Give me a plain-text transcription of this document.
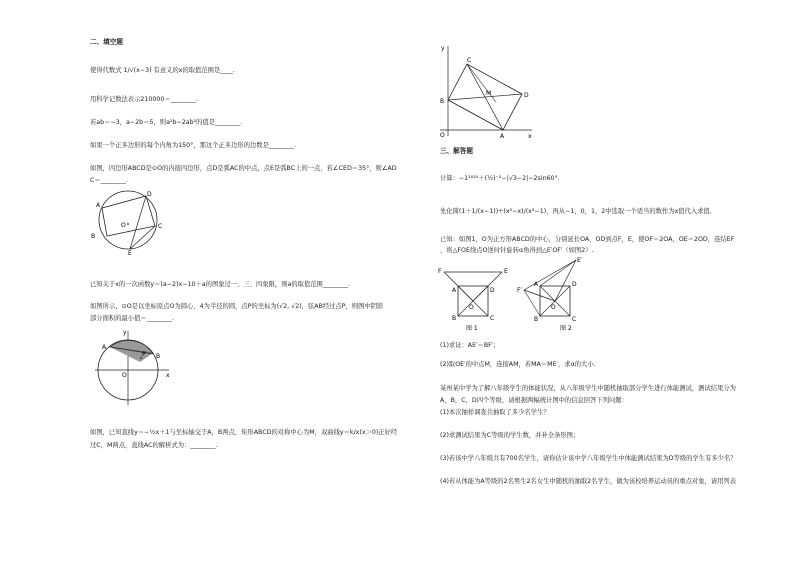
二、填空题
使得代数式 1/√(x−3) 有意义的x的取值范围是____.
用科学记数法表示210000＝________.
若ab＝−3，a−2b＝5，则a²b−2ab²的值是________.
如果一个正多边形的每个内角为150°，那这个正多边形的边数是________.
如图，四边形ABCD是⊙O的内接四边形，点D是弧AC的中点，点E是弧BC上的一点，若∠CED＝35°，则∠AD
C＝________.
D
A
O	C
B
E
已知关于x的一次函数y＝(a−2)x−10＋a的图象过一、三、四象限，则a的取值范围________.
如图所示，⊙O是以坐标原点O为圆心，4为半径的圆，点P的坐标为(√2, √2)，弦AB经过点P，则图中阴影
部分面积的最小值＝________.
y
A
P B
O	x
如图，已知直线y＝−½x＋1与坐标轴交于A，B两点，矩形ABCD的对称中心为M，双曲线y＝k/x(x＞0)正好经
过C，M两点，直线AC的解析式为：________.
y
C
M	D
B
O	A	x
三、解答题
计算：−1²⁰²⁰＋(½)⁻²−|√3−2|−2sin60°.
先化简(1＋1/(x−1))÷(x²−x)/(x²−1)，再从−1，0，1，2中选取一个适当的数作为x值代入求值.
已知：如图1，O为正方形ABCD的中心，分别延长OA、OD到点F，E，使OF＝2OA，OE＝2OD，连结EF
，将△FOE绕点O逆时针旋转α角得到△E′OF′（如图2）.
F	E
A	D
O
B	C
图 1
E′
F′
A	D
O
B	C
图 2
(1)求证：AE′＝BF′；
(2)取OE′的中点M，连接AM，若MA＝ME′，求α的大小.
某州某中学为了解八年级学生的体能状况，从八年级学生中随机抽取部分学生进行体能测试，测试结果分为
A，B，C，D四个等级，请根据两幅统计图中的信息回答下列问题：
(1)本次抽样调查共抽取了多少名学生？
(2)求测试结果为C等级的学生数，并补全条形图；
(3)若该中学八年级共有700名学生，请你估计该中学八年级学生中体能测试结果为D等级的学生有多少名？
(4)若从体能为A等级的2名男生2名女生中随机的抽取2名学生，做为该校培养运动员的重点对象，请用列表
